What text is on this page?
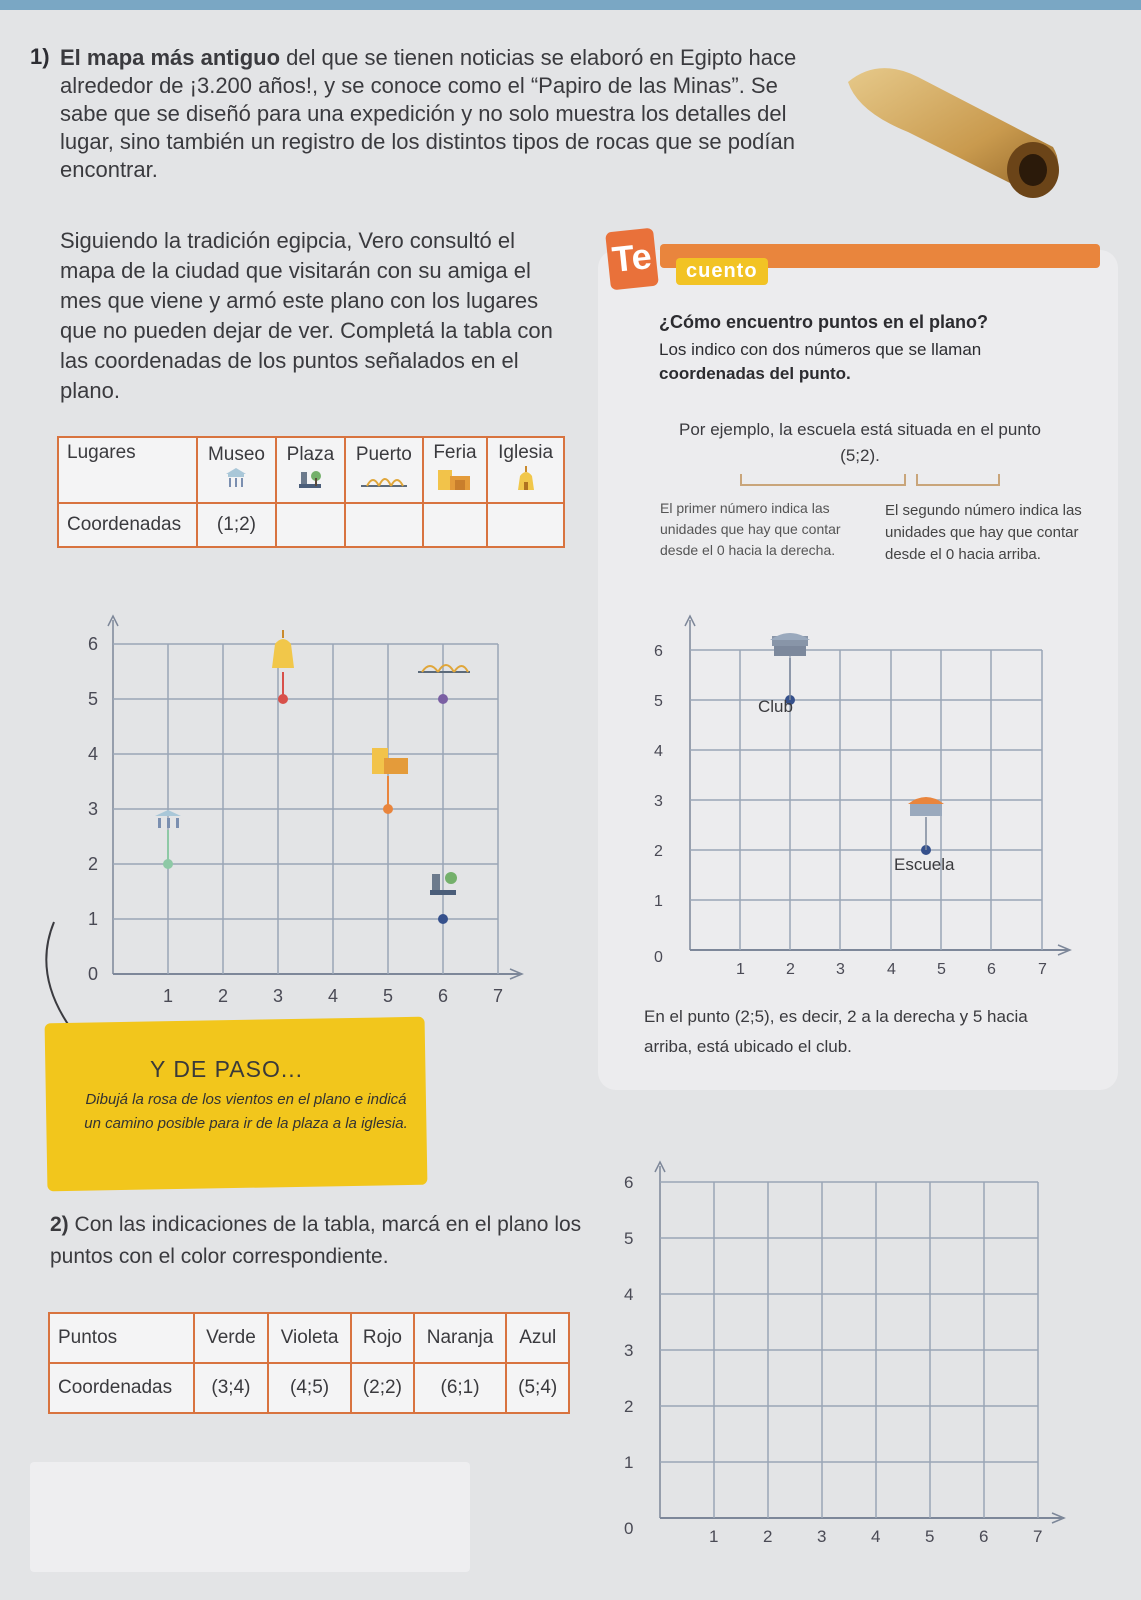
1) El mapa más antiguo del que se tienen noticias se elaboró en Egipto hace alrededor de ¡3.200 años!, y se conoce como el “Papiro de las Minas”. Se sabe que se diseñó para una expedición y no solo muestra los detalles del lugar, sino también un registro de los distintos tipos de rocas que se podían encontrar.
Siguiendo la tradición egipcia, Vero consultó el mapa de la ciudad que visitarán con su amiga el mes que viene y armó este plano con los lugares que no pueden dejar de ver. Completá la tabla con las coordenadas de los puntos señalados en el plano.
Lugares	Museo	Plaza	Puerto	Feria	Iglesia

Coordenadas	(1;2)				
0
1 2 3 4 5 6 7
1
2
3
4
5
6
Te	cuento
¿Cómo encuentro puntos en el plano?
Los indico con dos números que se llaman coordenadas del punto.
Por ejemplo, la escuela está situada en el punto (5;2).
El primer número indica las unidades que hay que contar desde el 0 hacia la derecha.
El segundo número indica las unidades que hay que contar desde el 0 hacia arriba.
0
1	2	3	4	5	6	7
1
2
3
4
5
6
Club
Escuela
En el punto (2;5), es decir, 2 a la derecha y 5 hacia arriba, está ubicado el club.
Y DE PASO...
Dibujá la rosa de los vientos en el plano e indicá un camino posible para ir de la plaza a la iglesia.
2) Con las indicaciones de la tabla, marcá en el plano los puntos con el color correspondiente.
Puntos	Verde	Violeta	Rojo	Naranja	Azul
Coordenadas	(3;4)	(4;5)	(2;2)	(6;1)	(5;4)
0	1	2	3	4	5	6	7
1
2
3
4
5
6
